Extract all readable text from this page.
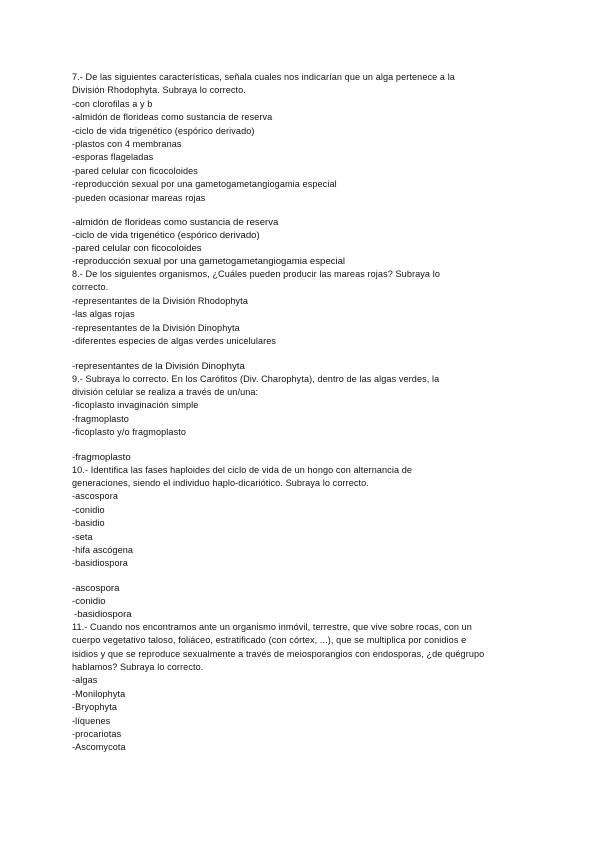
7.- De las siguientes características, señala cuales nos indicarían que un alga pertenece a la
División Rhodophyta. Subraya lo correcto.
-con clorofilas a y b
-almidón de florideas como sustancia de reserva
-ciclo de vida trigenético (espórico derivado)
-plastos con 4 membranas
-esporas flageladas
-pared celular con ficocoloides
-reproducción sexual por una gametogametangiogamia especial
-pueden ocasionar mareas rojas
-almidón de florideas como sustancia de reserva
-ciclo de vida trigenético (espórico derivado)
-pared celular con ficocoloides
-reproducción sexual por una gametogametangiogamia especial
8.- De los siguientes organismos, ¿Cuáles pueden producir las mareas rojas? Subraya lo
correcto.
-representantes de la División Rhodophyta
-las algas rojas
-representantes de la División Dinophyta
-diferentes especies de algas verdes unicelulares
-representantes de la División Dinophyta
9.- Subraya lo correcto. En los Carófitos (Div. Charophyta), dentro de las algas verdes, la
división celular se realiza a través de un/una:
-ficoplasto invaginación simple
-fragmoplasto
-ficoplasto y/o fragmoplasto
-fragmoplasto
10.- Identifica las fases haploides del ciclo de vida de un hongo con alternancia de
generaciones, siendo el individuo haplo-dicariótico. Subraya lo correcto.
-ascospora
-conidio
-basidio
-seta
-hifa ascógena
-basidiospora
-ascospora
-conidio
-basidiospora
11.- Cuando nos encontramos ante un organismo inmóvil, terrestre, que vive sobre rocas, con un
cuerpo vegetativo taloso, foliáceo, estratificado (con córtex, ...), que se multiplica por conidios e
isidios y que se reproduce sexualmente a través de meiosporangios con endosporas, ¿de quégrupo
hablamos? Subraya lo correcto.
-algas
-Monilophyta
-Bryophyta
-líquenes
-procariotas
-Ascomycota
